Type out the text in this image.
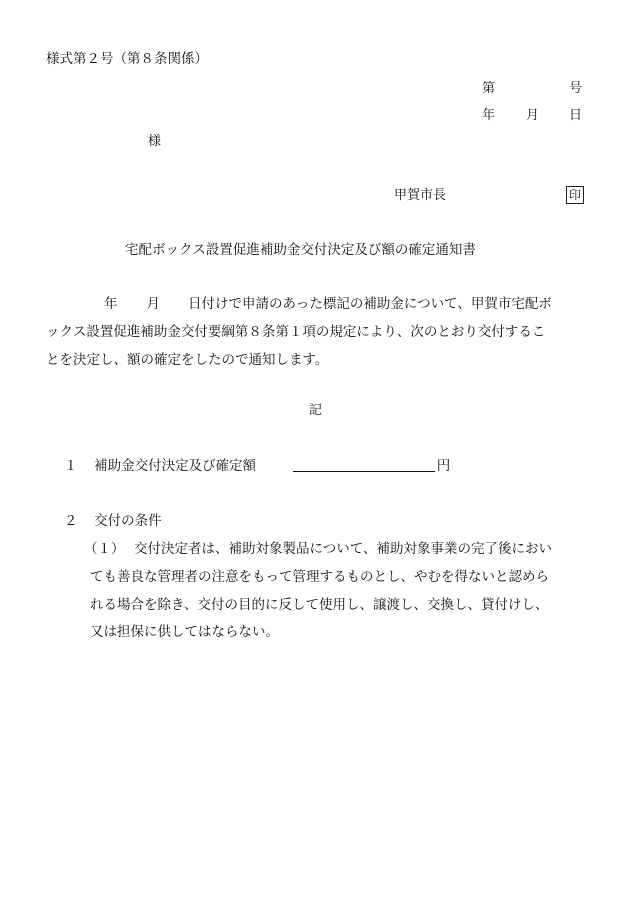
様式第２号（第８条関係）
第	号
年 月 日
様
甲賀市長	印
宅配ボックス設置促進補助金交付決定及び額の確定通知書
年 月 日付けで申請のあった標記の補助金について、甲賀市宅配ボ
ックス設置促進補助金交付要綱第８条第１項の規定により、次のとおり交付するこ
とを決定し、額の確定をしたので通知します。
記
１ 補助金交付決定及び確定額	円
２ 交付の条件
（１） 交付決定者は、補助対象製品について、補助対象事業の完了後におい
ても善良な管理者の注意をもって管理するものとし、やむを得ないと認めら
れる場合を除き、交付の目的に反して使用し、譲渡し、交換し、貸付けし、
又は担保に供してはならない。
